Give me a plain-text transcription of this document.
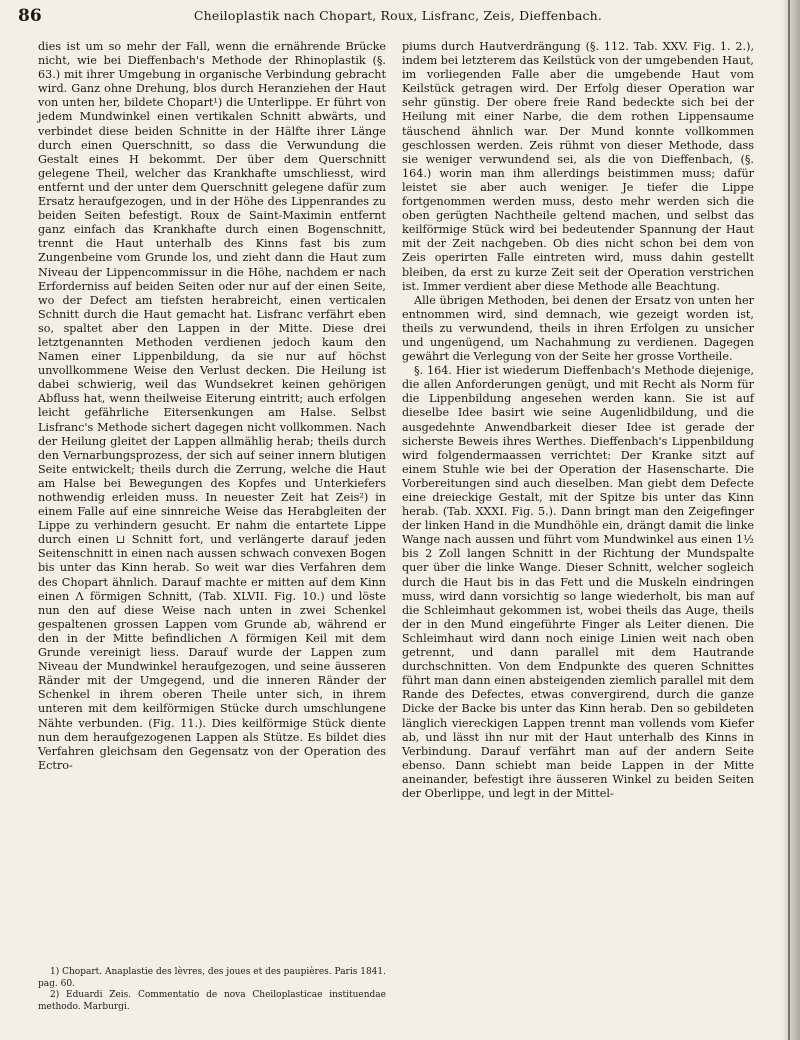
86	Cheiloplastik nach Chopart, Roux, Lisfranc, Zeis, Dieffenbach.

dies ist um so mehr der Fall, wenn die ernährende Brücke nicht, wie bei Dieffenbach's Methode der Rhinoplastik (§. 63.) mit ihrer Umgebung in organische Verbindung gebracht wird. Ganz ohne Drehung, blos durch Heranziehen der Haut von unten her, bildete Chopart¹) die Unterlippe. Er führt von jedem Mundwinkel einen vertikalen Schnitt abwärts, und verbindet diese beiden Schnitte in der Hälfte ihrer Länge durch einen Querschnitt, so dass die Verwundung die Gestalt eines H bekommt. Der über dem Querschnitt gelegene Theil, welcher das Krankhafte umschliesst, wird entfernt und der unter dem Querschnitt gelegene dafür zum Ersatz heraufgezogen, und in der Höhe des Lippenrandes zu beiden Seiten befestigt. Roux de Saint-Maximin entfernt ganz einfach das Krankhafte durch einen Bogenschnitt, trennt die Haut unterhalb des Kinns fast bis zum Zungenbeine vom Grunde los, und zieht dann die Haut zum Niveau der Lippencommissur in die Höhe, nachdem er nach Erforderniss auf beiden Seiten oder nur auf der einen Seite, wo der Defect am tiefsten herabreicht, einen verticalen Schnitt durch die Haut gemacht hat. Lisfranc verfährt eben so, spaltet aber den Lappen in der Mitte. Diese drei letztgenannten Methoden verdienen jedoch kaum den Namen einer Lippenbildung, da sie nur auf höchst unvollkommene Weise den Verlust decken. Die Heilung ist dabei schwierig, weil das Wundsekret keinen gehörigen Abfluss hat, wenn theilweise Eiterung eintritt; auch erfolgen leicht gefährliche Eitersenkungen am Halse. Selbst Lisfranc's Methode sichert dagegen nicht vollkommen. Nach der Heilung gleitet der Lappen allmählig herab; theils durch den Vernarbungsprozess, der sich auf seiner innern blutigen Seite entwickelt; theils durch die Zerrung, welche die Haut am Halse bei Bewegungen des Kopfes und Unterkiefers nothwendig erleiden muss. In neuester Zeit hat Zeis²) in einem Falle auf eine sinnreiche Weise das Herabgleiten der Lippe zu verhindern gesucht. Er nahm die entartete Lippe durch einen ⊔ Schnitt fort, und verlängerte darauf jeden Seitenschnitt in einen nach aussen schwach convexen Bogen bis unter das Kinn herab. So weit war dies Verfahren dem des Chopart ähnlich. Darauf machte er mitten auf dem Kinn einen Λ förmigen Schnitt, (Tab. XLVII. Fig. 10.) und löste nun den auf diese Weise nach unten in zwei Schenkel gespaltenen grossen Lappen vom Grunde ab, während er den in der Mitte befindlichen Λ förmigen Keil mit dem Grunde vereinigt liess. Darauf wurde der Lappen zum Niveau der Mundwinkel heraufgezogen, und seine äusseren Ränder mit der Umgegend, und die inneren Ränder der Schenkel in ihrem oberen Theile unter sich, in ihrem unteren mit dem keilförmigen Stücke durch umschlungene Nähte verbunden. (Fig. 11.). Dies keilförmige Stück diente nun dem heraufgezogenen Lappen als Stütze. Es bildet dies Verfahren gleichsam den Gegensatz von der Operation des Ectro-

1) Chopart. Anaplastie des lèvres, des joues et des paupières. Paris 1841. pag. 60.

2) Eduardi Zeis. Commentatio de nova Cheiloplasticae instituendae methodo. Marburgi.

piums durch Hautverdrängung (§. 112. Tab. XXV. Fig. 1. 2.), indem bei letzterem das Keilstück von der umgebenden Haut, im vorliegenden Falle aber die umgebende Haut vom Keilstück getragen wird. Der Erfolg dieser Operation war sehr günstig. Der obere freie Rand bedeckte sich bei der Heilung mit einer Narbe, die dem rothen Lippensaume täuschend ähnlich war. Der Mund konnte vollkommen geschlossen werden. Zeis rühmt von dieser Methode, dass sie weniger verwundend sei, als die von Dieffenbach, (§. 164.) worin man ihm allerdings beistimmen muss; dafür leistet sie aber auch weniger. Je tiefer die Lippe fortgenommen werden muss, desto mehr werden sich die oben gerügten Nachtheile geltend machen, und selbst das keilförmige Stück wird bei bedeutender Spannung der Haut mit der Zeit nachgeben. Ob dies nicht schon bei dem von Zeis operirten Falle eintreten wird, muss dahin gestellt bleiben, da erst zu kurze Zeit seit der Operation verstrichen ist. Immer verdient aber diese Methode alle Beachtung.

Alle übrigen Methoden, bei denen der Ersatz von unten her entnommen wird, sind demnach, wie gezeigt worden ist, theils zu verwundend, theils in ihren Erfolgen zu unsicher und ungenügend, um Nachahmung zu verdienen. Dagegen gewährt die Verlegung von der Seite her grosse Vortheile.

§. 164. Hier ist wiederum Dieffenbach's Methode diejenige, die allen Anforderungen genügt, und mit Recht als Norm für die Lippenbildung angesehen werden kann. Sie ist auf dieselbe Idee basirt wie seine Augenlidbildung, und die ausgedehnte Anwendbarkeit dieser Idee ist gerade der sicherste Beweis ihres Werthes. Dieffenbach's Lippenbildung wird folgendermaassen verrichtet: Der Kranke sitzt auf einem Stuhle wie bei der Operation der Hasenscharte. Die Vorbereitungen sind auch dieselben. Man giebt dem Defecte eine dreieckige Gestalt, mit der Spitze bis unter das Kinn herab. (Tab. XXXI. Fig. 5.). Dann bringt man den Zeigefinger der linken Hand in die Mundhöhle ein, drängt damit die linke Wange nach aussen und führt vom Mundwinkel aus einen 1½ bis 2 Zoll langen Schnitt in der Richtung der Mundspalte quer über die linke Wange. Dieser Schnitt, welcher sogleich durch die Haut bis in das Fett und die Muskeln eindringen muss, wird dann vorsichtig so lange wiederholt, bis man auf die Schleimhaut gekommen ist, wobei theils das Auge, theils der in den Mund eingeführte Finger als Leiter dienen. Die Schleimhaut wird dann noch einige Linien weit nach oben getrennt, und dann parallel mit dem Hautrande durchschnitten. Von dem Endpunkte des queren Schnittes führt man dann einen absteigenden ziemlich parallel mit dem Rande des Defectes, etwas convergirend, durch die ganze Dicke der Backe bis unter das Kinn herab. Den so gebildeten länglich viereckigen Lappen trennt man vollends vom Kiefer ab, und lässt ihn nur mit der Haut unterhalb des Kinns in Verbindung. Darauf verfährt man auf der andern Seite ebenso. Dann schiebt man beide Lappen in der Mitte aneinander, befestigt ihre äusseren Winkel zu beiden Seiten der Oberlippe, und legt in der Mittel-
